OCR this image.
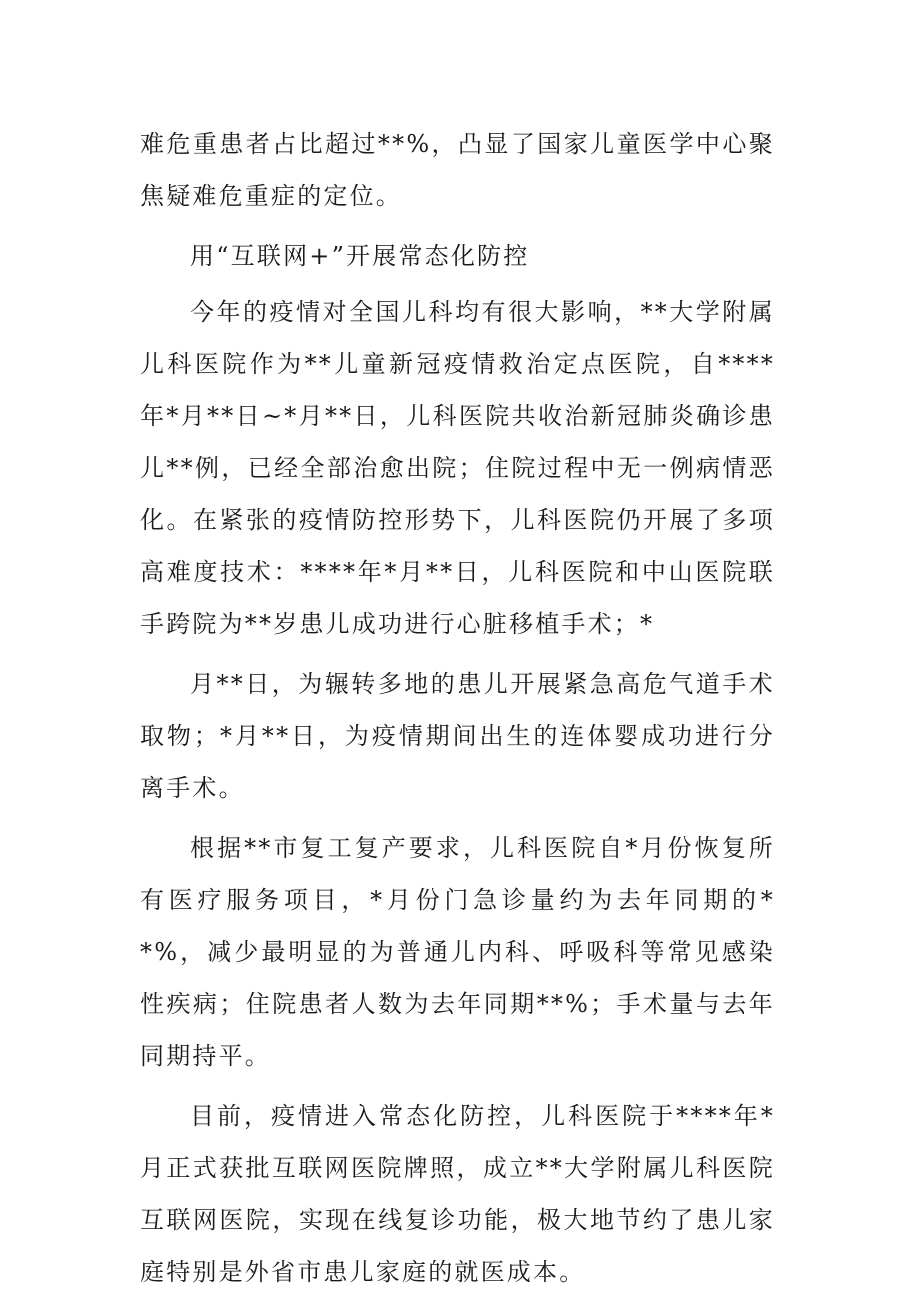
难危重患者占比超过**%，凸显了国家儿童医学中心聚焦疑难危重症的定位。

用“互联网+”开展常态化防控

今年的疫情对全国儿科均有很大影响，**大学附属儿科医院作为**儿童新冠疫情救治定点医院，自****年*月**日~*月**日，儿科医院共收治新冠肺炎确诊患儿**例，已经全部治愈出院；住院过程中无一例病情恶化。在紧张的疫情防控形势下，儿科医院仍开展了多项高难度技术：****年*月**日，儿科医院和中山医院联手跨院为**岁患儿成功进行心脏移植手术；*

月**日，为辗转多地的患儿开展紧急高危气道手术取物；*月**日，为疫情期间出生的连体婴成功进行分离手术。

根据**市复工复产要求，儿科医院自*月份恢复所有医疗服务项目，*月份门急诊量约为去年同期的**%，减少最明显的为普通儿内科、呼吸科等常见感染性疾病；住院患者人数为去年同期**%；手术量与去年同期持平。

目前，疫情进入常态化防控，儿科医院于****年*月正式获批互联网医院牌照，成立**大学附属儿科医院互联网医院，实现在线复诊功能，极大地节约了患儿家庭特别是外省市患儿家庭的就医成本。
